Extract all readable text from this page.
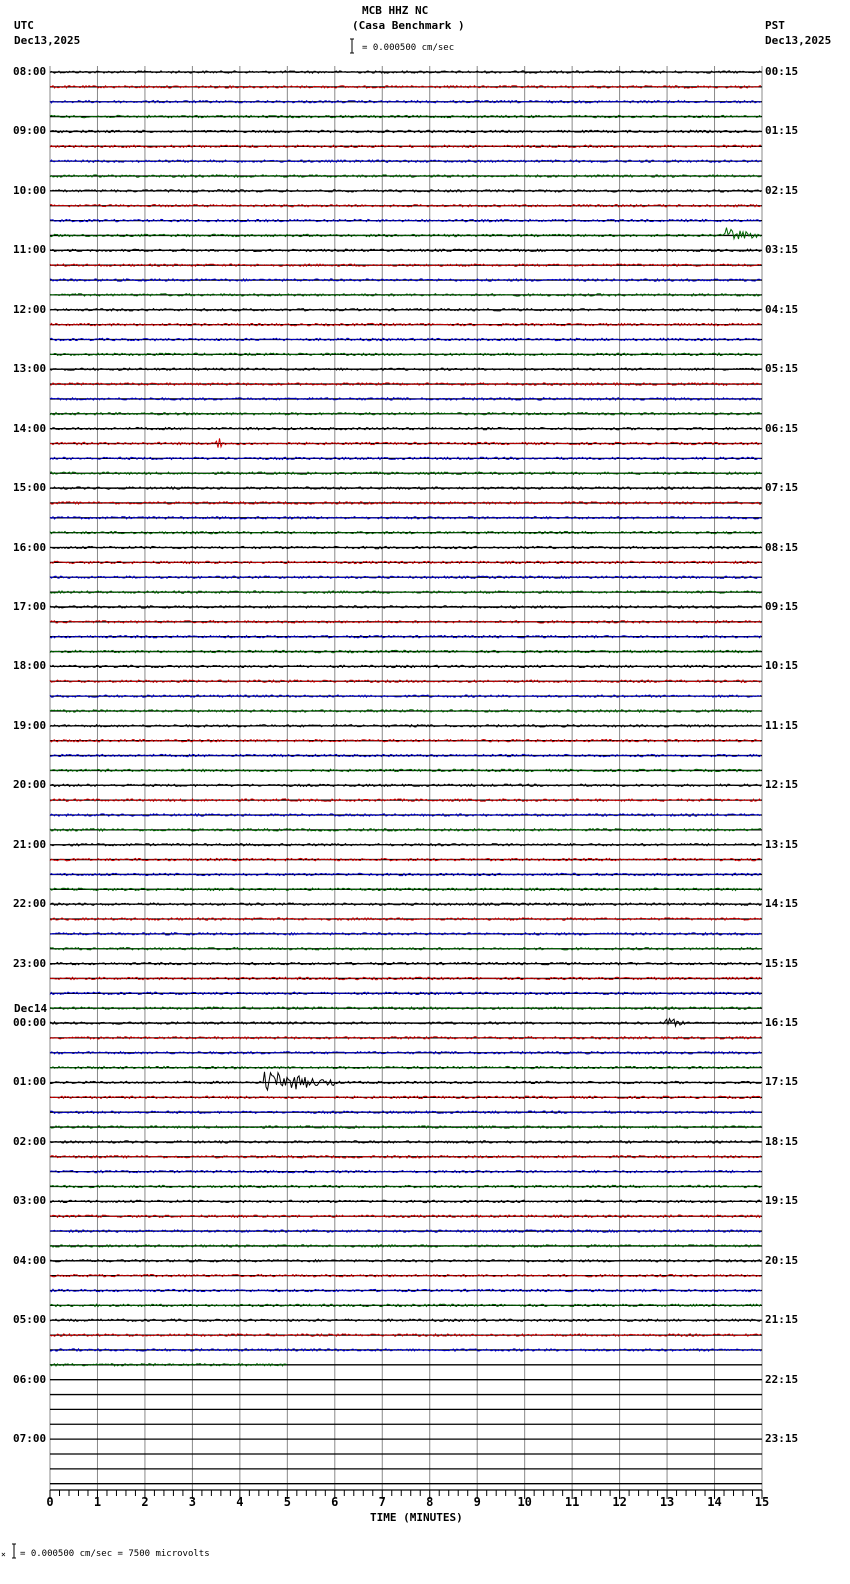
MCB HHZ NC
(Casa Benchmark )
UTC
Dec13,2025
PST
Dec13,2025
= 0.000500 cm/sec
= 0.000500 cm/sec = 7500 microvolts
×
TIME (MINUTES)
Dec14
08:00	00:15
09:00	01:15
10:00	02:15
11:00	03:15
12:00	04:15
13:00	05:15
14:00	06:15
15:00	07:15
16:00	08:15
17:00	09:15
18:00	10:15
19:00	11:15
20:00	12:15
21:00	13:15
22:00	14:15
23:00	15:15
00:00	16:15
01:00	17:15
02:00	18:15
03:00	19:15
04:00	20:15
05:00	21:15
06:00	22:15
07:00	23:15
0	1	2	3	4	5	6	7	8	9	10	11	12	13	14	15
